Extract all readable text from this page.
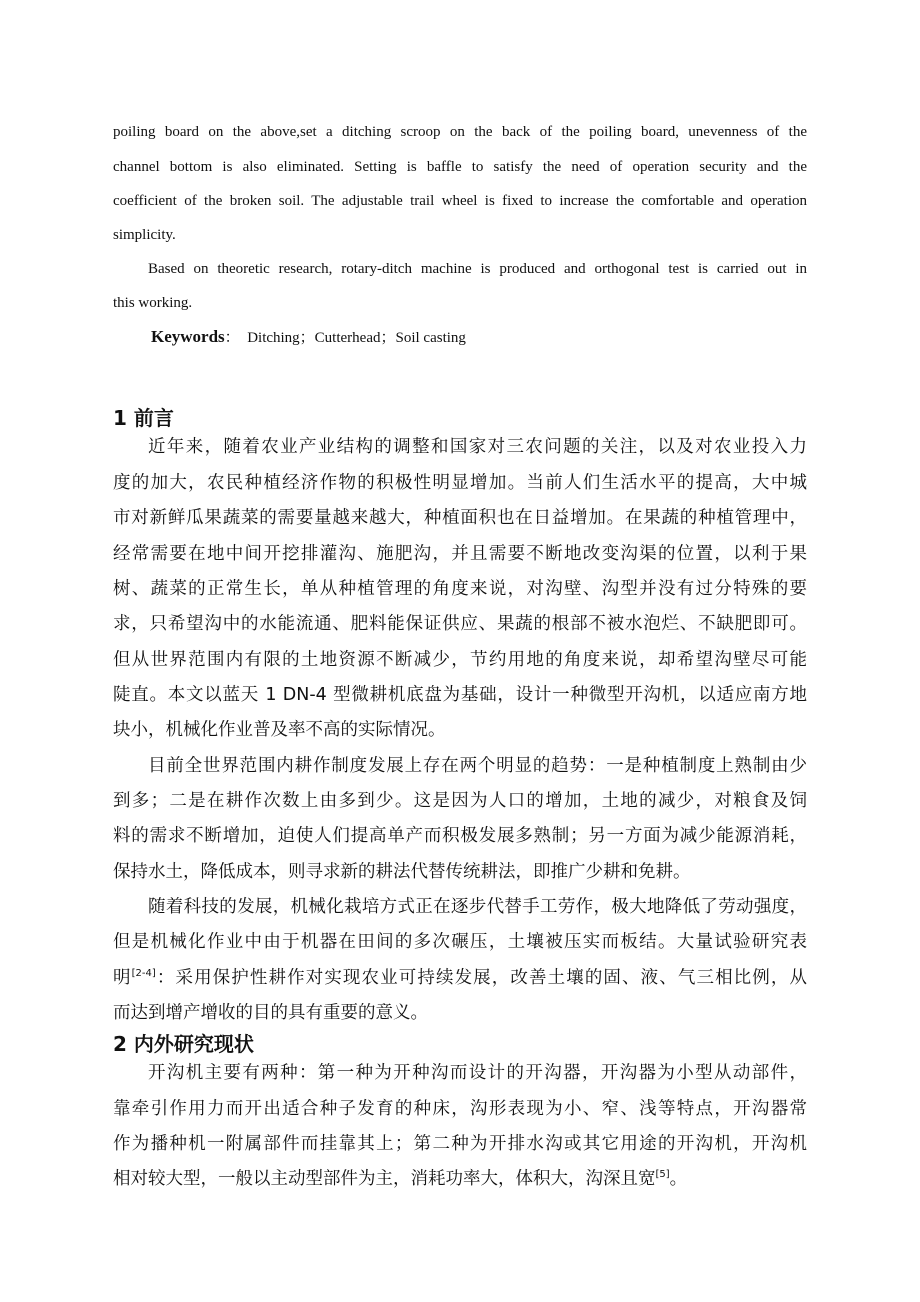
poiling board on the above,set a ditching scroop on the back of the poiling board, unevenness of the
channel bottom is also eliminated. Setting is baffle to satisfy the need of operation security and the
coefficient of the broken soil. The adjustable trail wheel is fixed to increase the comfortable and operation
simplicity.
Based on theoretic research, rotary-ditch machine is produced and orthogonal test is carried out in
this working.
Keywords： Ditching；Cutterhead；Soil casting
1 前言
近年来，随着农业产业结构的调整和国家对三农问题的关注，以及对农业投入力
度的加大，农民种植经济作物的积极性明显增加。当前人们生活水平的提高，大中城
市对新鲜瓜果蔬菜的需要量越来越大，种植面积也在日益增加。在果蔬的种植管理中，
经常需要在地中间开挖排灌沟、施肥沟，并且需要不断地改变沟渠的位置，以利于果
树、蔬菜的正常生长，单从种植管理的角度来说，对沟壁、沟型并没有过分特殊的要
求，只希望沟中的水能流通、肥料能保证供应、果蔬的根部不被水泡烂、不缺肥即可。
但从世界范围内有限的土地资源不断减少，节约用地的角度来说，却希望沟壁尽可能
陡直。本文以蓝天 1 DN-4 型微耕机底盘为基础，设计一种微型开沟机，以适应南方地
块小，机械化作业普及率不高的实际情况。
目前全世界范围内耕作制度发展上存在两个明显的趋势：一是种植制度上熟制由少
到多；二是在耕作次数上由多到少。这是因为人口的增加，土地的减少，对粮食及饲
料的需求不断增加，迫使人们提高单产而积极发展多熟制；另一方面为减少能源消耗，
保持水土，降低成本，则寻求新的耕法代替传统耕法，即推广少耕和免耕。
随着科技的发展，机械化栽培方式正在逐步代替手工劳作，极大地降低了劳动强度，
但是机械化作业中由于机器在田间的多次碾压，土壤被压实而板结。大量试验研究表
明[2-4]：采用保护性耕作对实现农业可持续发展，改善土壤的固、液、气三相比例，从
而达到增产增收的目的具有重要的意义。
2 内外研究现状
开沟机主要有两种：第一种为开种沟而设计的开沟器，开沟器为小型从动部件，
靠牵引作用力而开出适合种子发育的种床，沟形表现为小、窄、浅等特点，开沟器常
作为播种机一附属部件而挂靠其上；第二种为开排水沟或其它用途的开沟机，开沟机
相对较大型，一般以主动型部件为主，消耗功率大，体积大，沟深且宽[5]。
